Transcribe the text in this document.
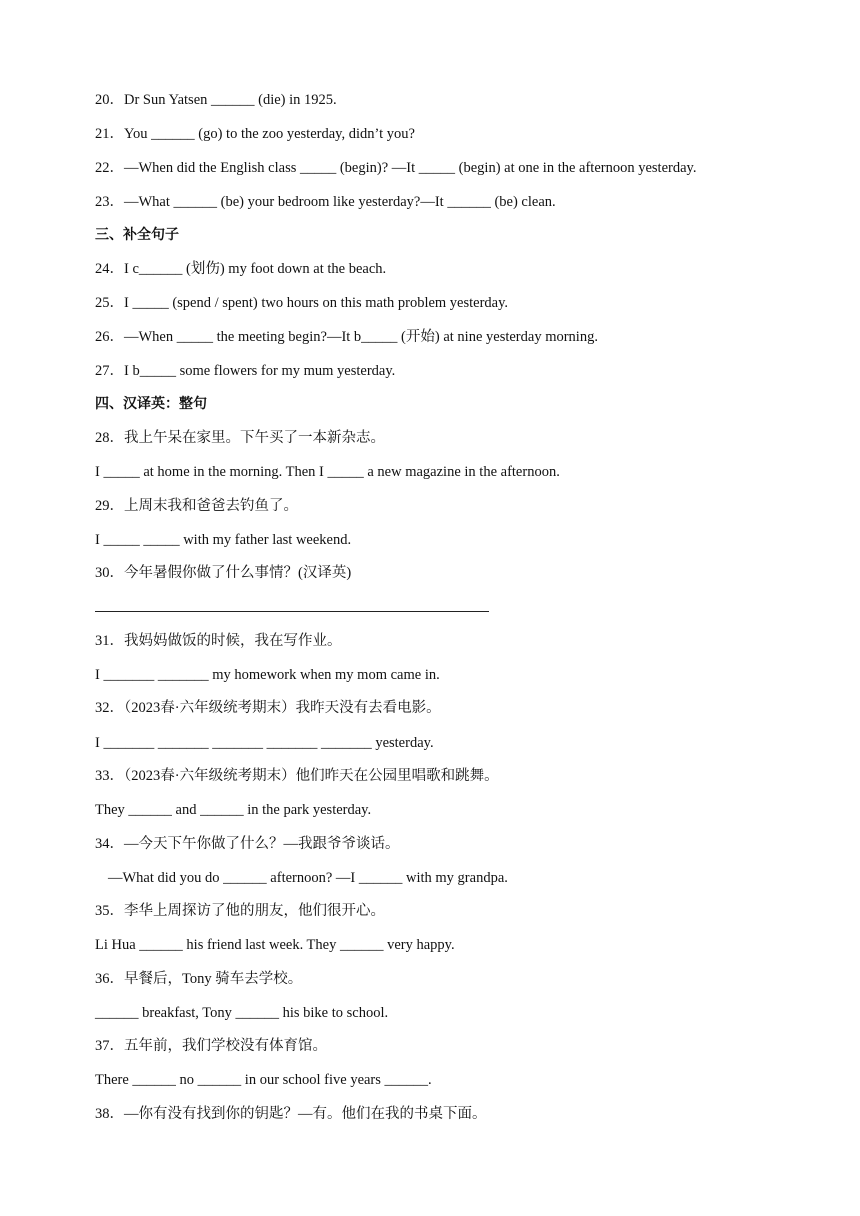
20．Dr Sun Yatsen ______ (die) in 1925.
21．You ______ (go) to the zoo yesterday, didn’t you?
22．—When did the English class _____ (begin)? —It _____ (begin) at one in the afternoon yesterday.
23．—What ______ (be) your bedroom like yesterday?—It ______ (be) clean.
三、补全句子
24．I c______ (划伤) my foot down at the beach.
25．I _____ (spend / spent) two hours on this math problem yesterday.
26．—When _____ the meeting begin?—It b_____ (开始) at nine yesterday morning.
27．I b_____ some flowers for my mum yesterday.
四、汉译英：整句
28．我上午呆在家里。下午买了一本新杂志。
I _____ at home in the morning. Then I _____ a new magazine in the afternoon.
29．上周末我和爸爸去钓鱼了。
I _____ _____ with my father last weekend.
30．今年暑假你做了什么事情？(汉译英)
31．我妈妈做饭的时候，我在写作业。
I _______ _______ my homework when my mom came in.
32．（2023春·六年级统考期末）我昨天没有去看电影。
I _______ _______ _______ _______ _______ yesterday.
33．（2023春·六年级统考期末）他们昨天在公园里唱歌和跳舞。
They ______ and ______ in the park yesterday.
34．—今天下午你做了什么？—我跟爷爷谈话。
—What did you do ______ afternoon? —I ______ with my grandpa.
35．李华上周探访了他的朋友，他们很开心。
Li Hua ______ his friend last week. They ______ very happy.
36．早餐后，Tony 骑车去学校。
______ breakfast, Tony ______ his bike to school.
37．五年前，我们学校没有体育馆。
There ______ no ______ in our school five years ______.
38．—你有没有找到你的钥匙？—有。他们在我的书桌下面。
